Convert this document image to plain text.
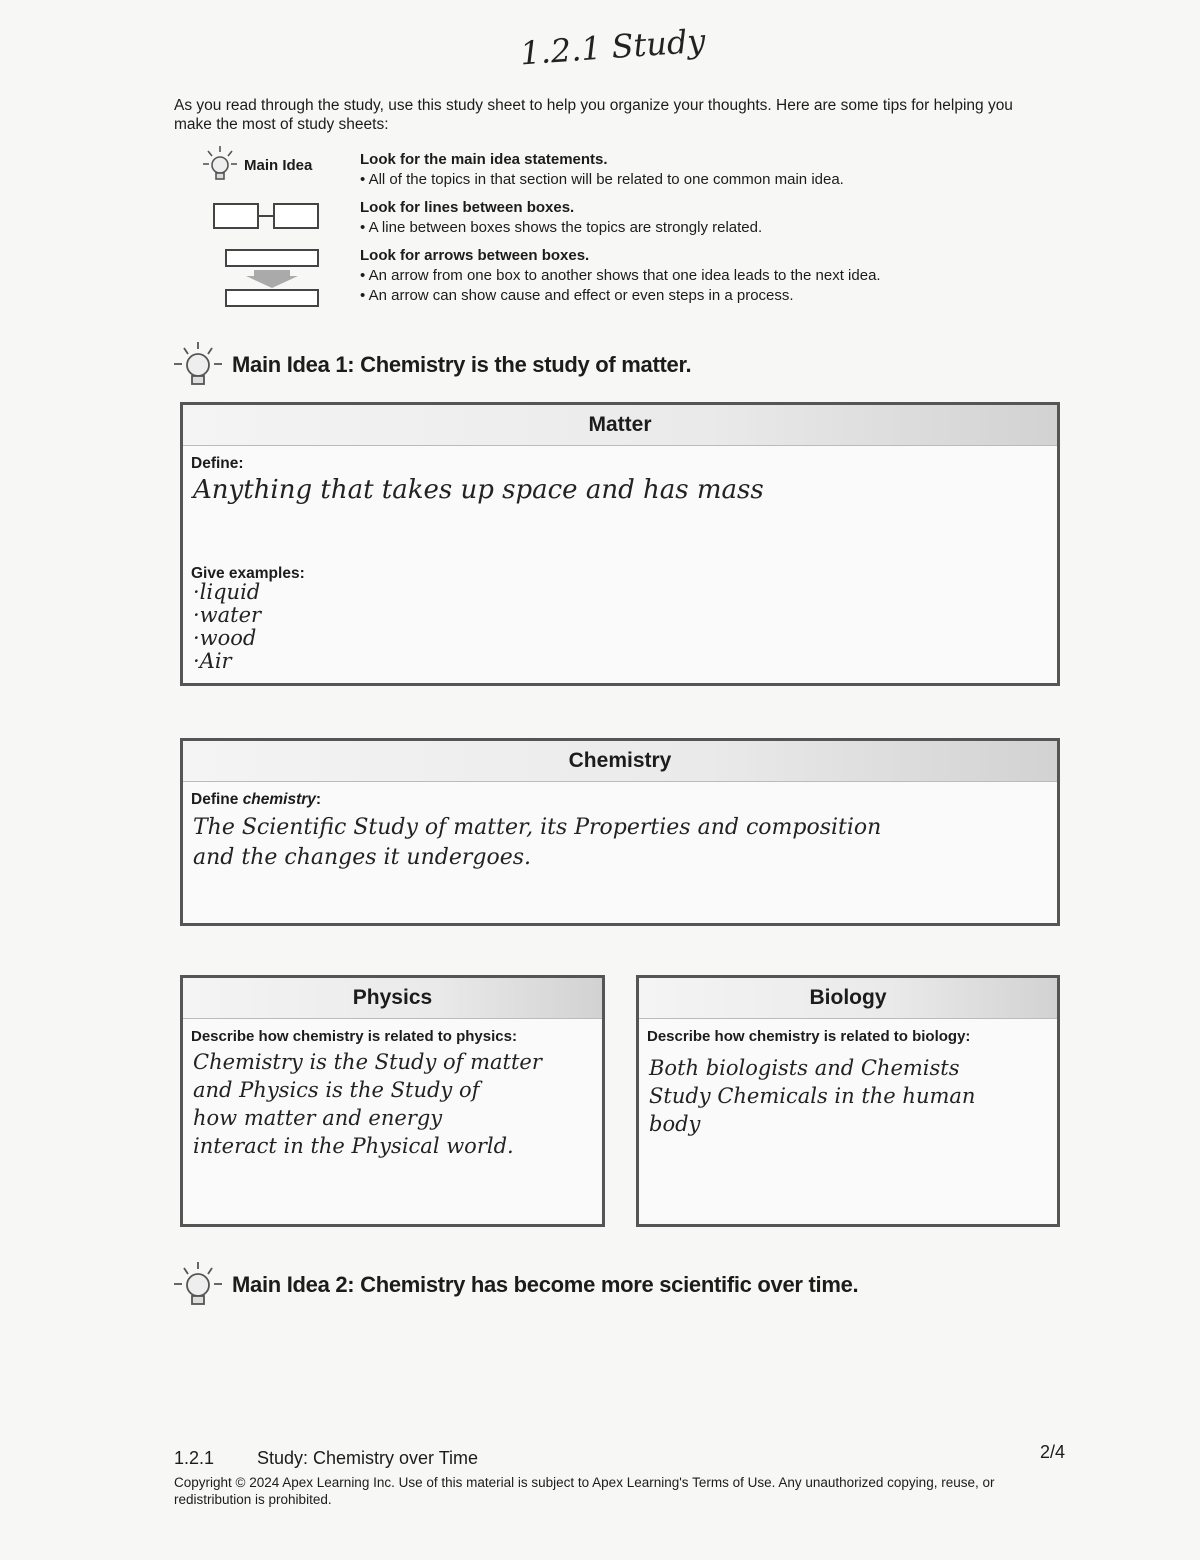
1.2.1 Study
As you read through the study, use this study sheet to help you organize your thoughts. Here are some tips for helping you make the most of study sheets:
Main Idea	Look for the main idea statements.
• All of the topics in that section will be related to one common main idea.
Look for lines between boxes.
• A line between boxes shows the topics are strongly related.
Look for arrows between boxes.
• An arrow from one box to another shows that one idea leads to the next idea.
• An arrow can show cause and effect or even steps in a process.
Main Idea 1: Chemistry is the study of matter.
Matter
Define:
Anything that takes up space and has mass
Give examples:
·liquid
·water
·wood
·Air
Chemistry
Define chemistry:
The Scientific Study of matter, its Properties and composition
and the changes it undergoes.
Physics
Describe how chemistry is related to physics:
Chemistry is the Study of matter
and Physics is the Study of
how matter and energy
interact in the Physical world.
Biology
Describe how chemistry is related to biology:
Both biologists and Chemists
Study Chemicals in the human
body
Main Idea 2: Chemistry has become more scientific over time.
1.2.1 Study: Chemistry over Time	2/4
Copyright © 2024 Apex Learning Inc. Use of this material is subject to Apex Learning's Terms of Use. Any unauthorized copying, reuse, or redistribution is prohibited.
